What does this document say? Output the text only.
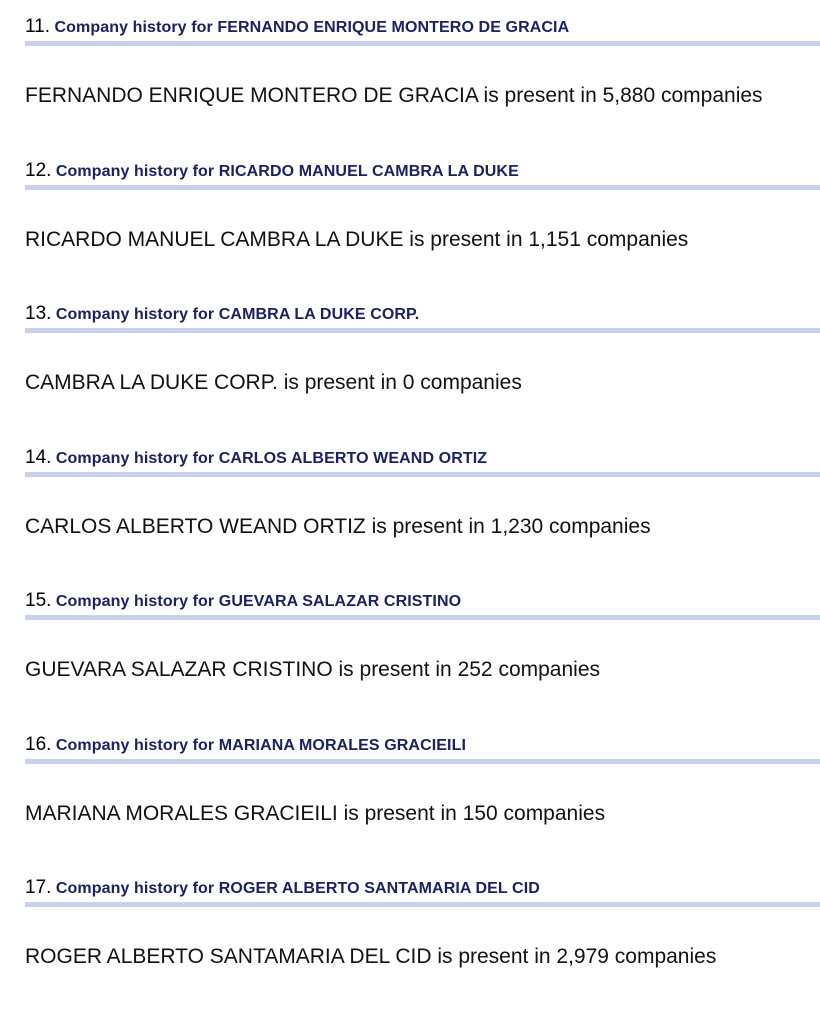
11. Company history for FERNANDO ENRIQUE MONTERO DE GRACIA
FERNANDO ENRIQUE MONTERO DE GRACIA is present in 5,880 companies
12. Company history for RICARDO MANUEL CAMBRA LA DUKE
RICARDO MANUEL CAMBRA LA DUKE is present in 1,151 companies
13. Company history for CAMBRA LA DUKE CORP.
CAMBRA LA DUKE CORP. is present in 0 companies
14. Company history for CARLOS ALBERTO WEAND ORTIZ
CARLOS ALBERTO WEAND ORTIZ is present in 1,230 companies
15. Company history for GUEVARA SALAZAR CRISTINO
GUEVARA SALAZAR CRISTINO is present in 252 companies
16. Company history for MARIANA MORALES GRACIEILI
MARIANA MORALES GRACIEILI is present in 150 companies
17. Company history for ROGER ALBERTO SANTAMARIA DEL CID
ROGER ALBERTO SANTAMARIA DEL CID is present in 2,979 companies
